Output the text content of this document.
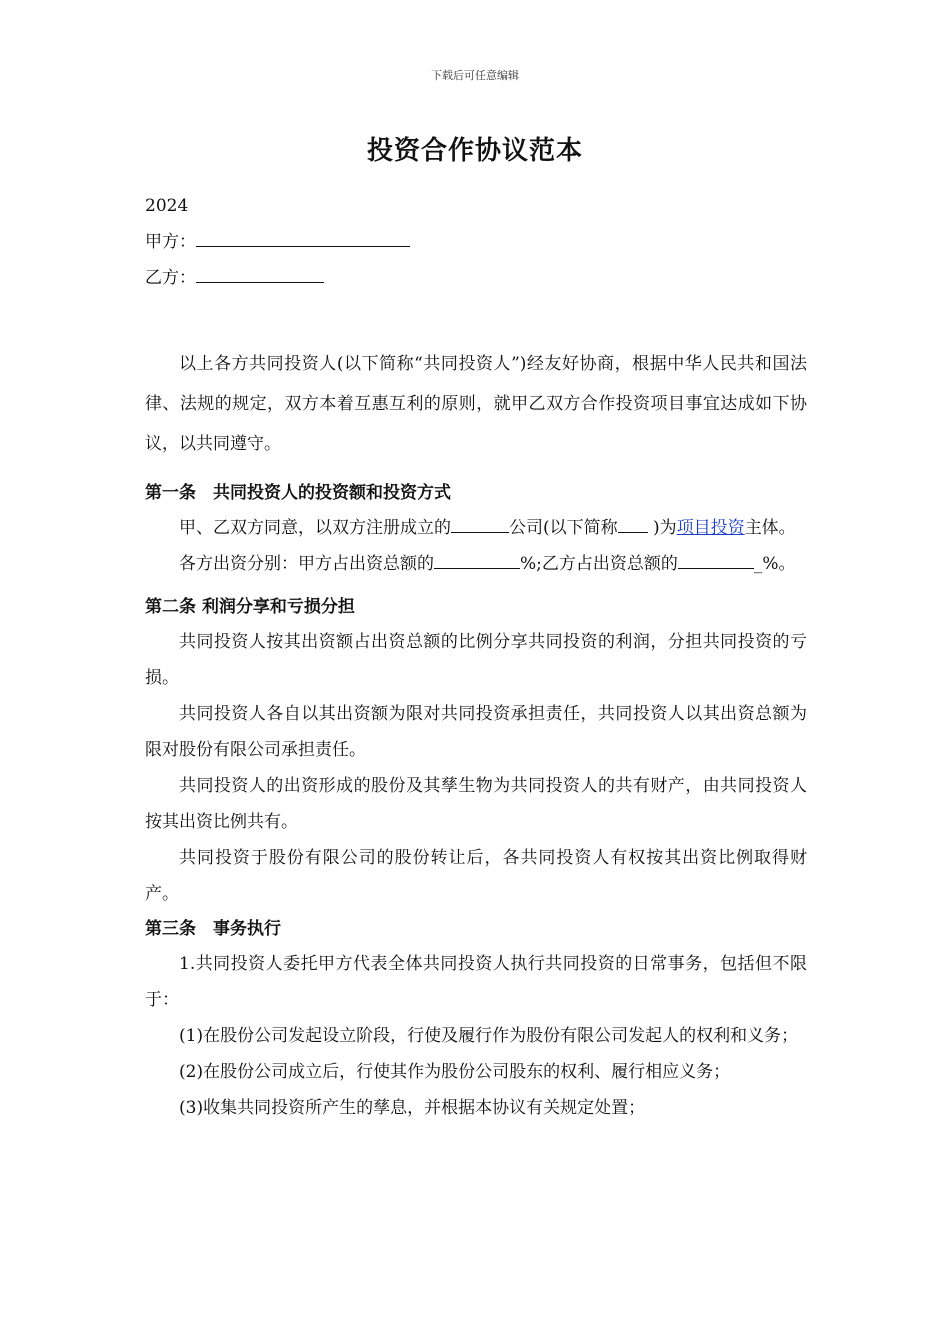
下载后可任意编辑
投资合作协议范本

2024

甲方：

乙方：

以上各方共同投资人(以下简称“共同投资人”)经友好协商，根据中华人民共和国法律、法规的规定，双方本着互惠互利的原则，就甲乙双方合作投资项目事宜达成如下协议，以共同遵守。

第一条　共同投资人的投资额和投资方式

甲、乙双方同意，以双方注册成立的	公司(以下简称 )为项目投资主体。

各方出资分别：甲方占出资总额的	%;乙方占出资总额的	_%。

第二条 利润分享和亏损分担

共同投资人按其出资额占出资总额的比例分享共同投资的利润，分担共同投资的亏损。

共同投资人各自以其出资额为限对共同投资承担责任，共同投资人以其出资总额为限对股份有限公司承担责任。

共同投资人的出资形成的股份及其孳生物为共同投资人的共有财产，由共同投资人按其出资比例共有。

共同投资于股份有限公司的股份转让后，各共同投资人有权按其出资比例取得财产。

第三条　事务执行

1.共同投资人委托甲方代表全体共同投资人执行共同投资的日常事务，包括但不限于：

(1)在股份公司发起设立阶段，行使及履行作为股份有限公司发起人的权利和义务；

(2)在股份公司成立后，行使其作为股份公司股东的权利、履行相应义务；

(3)收集共同投资所产生的孳息，并根据本协议有关规定处置；
